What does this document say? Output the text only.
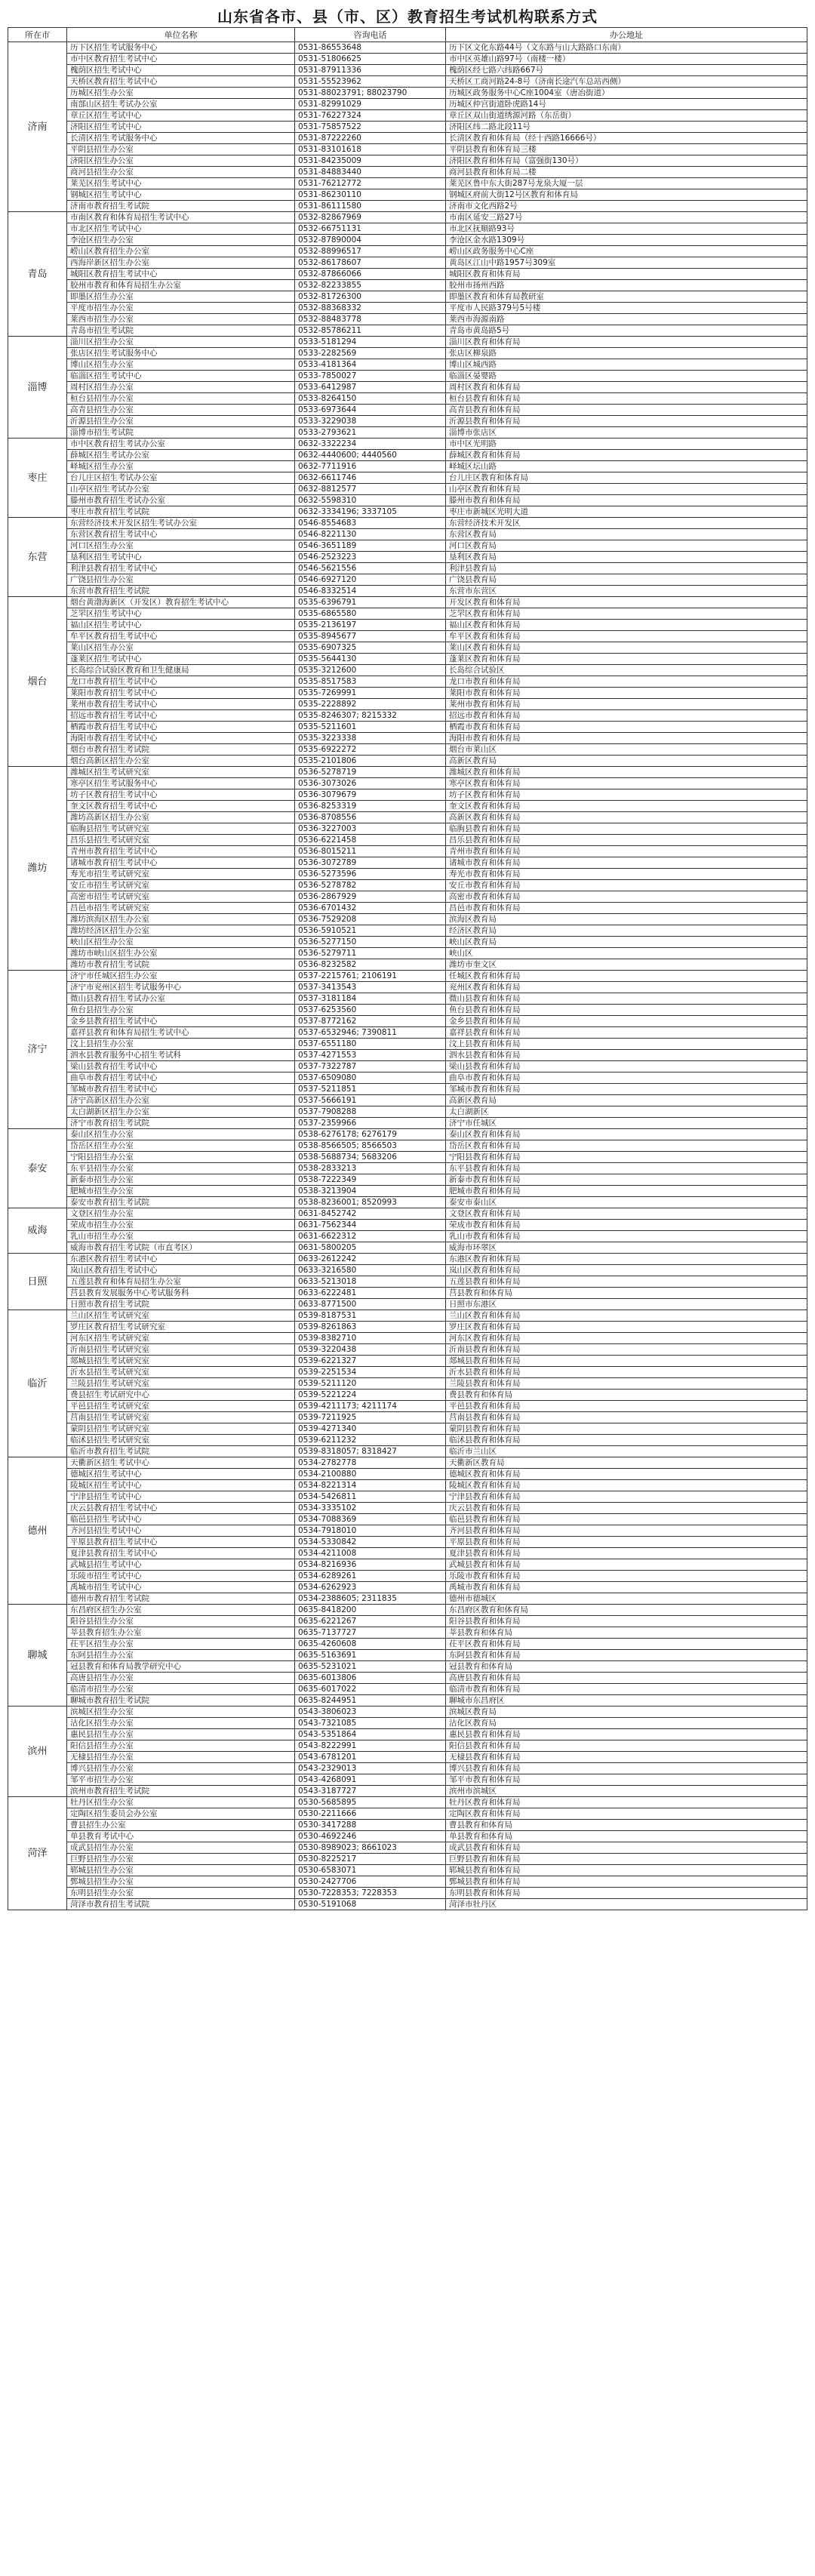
山东省各市、县（市、区）教育招生考试机构联系方式
所在市	单位名称	咨询电话	办公地址
济南	历下区招生考试服务中心	0531-86553648	历下区文化东路44号（文东路与山大路路口东南）
	市中区教育招生考试中心	0531-51806625	市中区英雄山路97号（南楼一楼）
	槐荫区招生考试中心	0531-87911336	槐荫区经七路六纬路667号
	天桥区教育招生考试中心	0531-55523962	天桥区工商河路24-8号（济南长途汽车总站西侧）
	历城区招生办公室	0531-88023791; 88023790	历城区政务服务中心C座1004室（唐冶街道）
	南部山区招生考试办公室	0531-82991029	历城区仲宫街道卧虎路14号
	章丘区招生考试中心	0531-76227324	章丘区双山街道绣源河路（东岳街）
	济阳区招生考试中心	0531-75857522	济阳区纬二路北段11号
	长清区招生考试服务中心	0531-87222260	长清区教育和体育局（经十西路16666号）
	平阴县招生办公室	0531-83101618	平阴县教育和体育局三楼
	济阳区招生办公室	0531-84235009	济阳区教育和体育局（富强街130号）
	商河县招生办公室	0531-84883440	商河县教育和体育局二楼
	莱芜区招生考试中心	0531-76212772	莱芜区鲁中东大街287号龙泉大厦一层
	钢城区招生考试中心	0531-86230110	钢城区府前大街12号区教育和体育局
	济南市教育招生考试院	0531-86111580	济南市文化西路2号
青岛	市南区教育和体育局招生考试中心	0532-82867969	市南区延安三路27号
	市北区招生考试中心	0532-66751131	市北区抚顺路93号
	李沧区招生办公室	0532-87890004	李沧区金水路1309号
	崂山区教育招生办公室	0532-88996517	崂山区政务服务中心C座
	西海岸新区招生办公室	0532-86178607	黄岛区江山中路1957号309室
	城阳区教育招生考试中心	0532-87866066	城阳区教育和体育局
	胶州市教育和体育局招生办公室	0532-82233855	胶州市扬州西路
	即墨区招生办公室	0532-81726300	即墨区教育和体育局教研室
	平度市招生办公室	0532-88368332	平度市人民路379号5号楼
	莱西市招生办公室	0532-88483778	莱西市海源南路
	青岛市招生考试院	0532-85786211	青岛市黄岛路5号
淄博	淄川区招生办公室	0533-5181294	淄川区教育和体育局
	张店区招生考试服务中心	0533-2282569	张店区柳泉路
	博山区招生办公室	0533-4181364	博山区城西路
	临淄区招生考试中心	0533-7850027	临淄区晏婴路
	周村区招生办公室	0533-6412987	周村区教育和体育局
	桓台县招生办公室	0533-8264150	桓台县教育和体育局
	高青县招生办公室	0533-6973644	高青县教育和体育局
	沂源县招生办公室	0533-3229038	沂源县教育和体育局
	淄博市招生考试院	0533-2793621	淄博市张店区
枣庄	市中区教育招生考试办公室	0632-3322234	市中区光明路
	薛城区招生考试办公室	0632-4440600; 4440560	薛城区教育和体育局
	峄城区招生办公室	0632-7711916	峄城区坛山路
	台儿庄区招生考试办公室	0632-6611746	台儿庄区教育和体育局
	山亭区招生考试办公室	0632-8812577	山亭区教育和体育局
	滕州市教育招生考试办公室	0632-5598310	滕州市教育和体育局
	枣庄市教育招生考试院	0632-3334196; 3337105	枣庄市新城区光明大道
东营	东营经济技术开发区招生考试办公室	0546-8554683	东营经济技术开发区
	东营区教育招生考试中心	0546-8221130	东营区教育局
	河口区招生办公室	0546-3651189	河口区教育局
	垦利区招生考试中心	0546-2523223	垦利区教育局
	利津县教育招生考试中心	0546-5621556	利津县教育局
	广饶县招生办公室	0546-6927120	广饶县教育局
	东营市教育招生考试院	0546-8332514	东营市东营区
烟台	烟台黄渤海新区（开发区）教育招生考试中心	0535-6396791	开发区教育和体育局
	芝罘区招生考试中心	0535-6865580	芝罘区教育和体育局
	福山区招生考试中心	0535-2136197	福山区教育和体育局
	牟平区教育招生考试中心	0535-8945677	牟平区教育和体育局
	莱山区招生办公室	0535-6907325	莱山区教育和体育局
	蓬莱区招生考试中心	0535-5644130	蓬莱区教育和体育局
	长岛综合试验区教育和卫生健康局	0535-3212600	长岛综合试验区
	龙口市教育招生考试中心	0535-8517583	龙口市教育和体育局
	莱阳市教育招生考试中心	0535-7269991	莱阳市教育和体育局
	莱州市教育招生考试中心	0535-2228892	莱州市教育和体育局
	招远市教育招生考试中心	0535-8246307; 8215332	招远市教育和体育局
	栖霞市教育招生考试中心	0535-5211601	栖霞市教育和体育局
	海阳市教育招生考试中心	0535-3223338	海阳市教育和体育局
	烟台市教育招生考试院	0535-6922272	烟台市莱山区
	烟台高新区招生办公室	0535-2101806	高新区教育局
潍坊	潍城区招生考试研究室	0536-5278719	潍城区教育和体育局
	寒亭区招生考试服务中心	0536-3073026	寒亭区教育和体育局
	坊子区教育招生考试中心	0536-3079679	坊子区教育和体育局
	奎文区教育招生考试中心	0536-8253319	奎文区教育和体育局
	潍坊高新区招生办公室	0536-8708556	高新区教育和体育局
	临朐县招生考试研究室	0536-3227003	临朐县教育和体育局
	昌乐县招生考试研究室	0536-6221458	昌乐县教育和体育局
	青州市教育招生考试中心	0536-8015211	青州市教育和体育局
	诸城市教育招生考试中心	0536-3072789	诸城市教育和体育局
	寿光市招生考试研究室	0536-5273596	寿光市教育和体育局
	安丘市招生考试研究室	0536-5278782	安丘市教育和体育局
	高密市招生考试研究室	0536-2867929	高密市教育和体育局
	昌邑市招生考试研究室	0536-6701432	昌邑市教育和体育局
	潍坊滨海区招生办公室	0536-7529208	滨海区教育局
	潍坊经济区招生办公室	0536-5910521	经济区教育局
	峡山区招生办公室	0536-5277150	峡山区教育局
	潍坊市峡山区招生办公室	0536-5279711	峡山区
	潍坊市教育招生考试院	0536-8232582	潍坊市奎文区
济宁	济宁市任城区招生办公室	0537-2215761; 2106191	任城区教育和体育局
	济宁市兖州区招生考试服务中心	0537-3413543	兖州区教育和体育局
	微山县教育招生考试办公室	0537-3181184	微山县教育和体育局
	鱼台县招生办公室	0537-6253560	鱼台县教育和体育局
	金乡县教育招生考试中心	0537-8772162	金乡县教育和体育局
	嘉祥县教育和体育局招生考试中心	0537-6532946; 7390811	嘉祥县教育和体育局
	汶上县招生办公室	0537-6551180	汶上县教育和体育局
	泗水县教育服务中心招生考试科	0537-4271553	泗水县教育和体育局
	梁山县教育招生考试中心	0537-7322787	梁山县教育和体育局
	曲阜市教育招生考试中心	0537-6509080	曲阜市教育和体育局
	邹城市教育招生考试中心	0537-5211851	邹城市教育和体育局
	济宁高新区招生办公室	0537-5666191	高新区教育局
	太白湖新区招生办公室	0537-7908288	太白湖新区
	济宁市教育招生考试院	0537-2359966	济宁市任城区
泰安	泰山区招生办公室	0538-6276178; 6276179	泰山区教育和体育局
	岱岳区招生办公室	0538-8566505; 8566503	岱岳区教育和体育局
	宁阳县招生办公室	0538-5688734; 5683206	宁阳县教育和体育局
	东平县招生办公室	0538-2833213	东平县教育和体育局
	新泰市招生办公室	0538-7222349	新泰市教育和体育局
	肥城市招生办公室	0538-3213904	肥城市教育和体育局
	泰安市教育招生考试院	0538-8236001; 8520993	泰安市泰山区
威海	文登区招生办公室	0631-8452742	文登区教育和体育局
	荣成市招生办公室	0631-7562344	荣成市教育和体育局
	乳山市招生办公室	0631-6622312	乳山市教育和体育局
	威海市教育招生考试院（市直考区）	0631-5800205	威海市环翠区
日照	东港区教育招生考试中心	0633-2612242	东港区教育和体育局
	岚山区教育招生考试中心	0633-3216580	岚山区教育和体育局
	五莲县教育和体育局招生办公室	0633-5213018	五莲县教育和体育局
	莒县教育发展服务中心考试服务科	0633-6222481	莒县教育和体育局
	日照市教育招生考试院	0633-8771500	日照市东港区
临沂	兰山区招生考试研究室	0539-8187531	兰山区教育和体育局
	罗庄区教育招生考试研究室	0539-8261863	罗庄区教育和体育局
	河东区招生考试研究室	0539-8382710	河东区教育和体育局
	沂南县招生考试研究室	0539-3220438	沂南县教育和体育局
	郯城县招生考试研究室	0539-6221327	郯城县教育和体育局
	沂水县招生考试研究室	0539-2251534	沂水县教育和体育局
	兰陵县招生考试研究室	0539-5211120	兰陵县教育和体育局
	费县招生考试研究中心	0539-5221224	费县教育和体育局
	平邑县招生考试研究室	0539-4211173; 4211174	平邑县教育和体育局
	莒南县招生考试研究室	0539-7211925	莒南县教育和体育局
	蒙阴县招生考试研究室	0539-4271340	蒙阴县教育和体育局
	临沭县招生考试研究室	0539-6211232	临沭县教育和体育局
	临沂市教育招生考试院	0539-8318057; 8318427	临沂市兰山区
德州	天衢新区招生考试中心	0534-2782778	天衢新区教育局
	德城区招生考试中心	0534-2100880	德城区教育和体育局
	陵城区招生考试中心	0534-8221314	陵城区教育和体育局
	宁津县招生考试中心	0534-5426811	宁津县教育和体育局
	庆云县教育招生考试中心	0534-3335102	庆云县教育和体育局
	临邑县招生考试中心	0534-7088369	临邑县教育和体育局
	齐河县招生考试中心	0534-7918010	齐河县教育和体育局
	平原县教育招生考试中心	0534-5330842	平原县教育和体育局
	夏津县教育招生考试中心	0534-4211008	夏津县教育和体育局
	武城县招生考试中心	0534-8216936	武城县教育和体育局
	乐陵市招生考试中心	0534-6289261	乐陵市教育和体育局
	禹城市招生考试中心	0534-6262923	禹城市教育和体育局
	德州市教育招生考试院	0534-2388605; 2311835	德州市德城区
聊城	东昌府区招生办公室	0635-8418200	东昌府区教育和体育局
	阳谷县招生办公室	0635-6221267	阳谷县教育和体育局
	莘县教育招生办公室	0635-7137727	莘县教育和体育局
	茌平区招生办公室	0635-4260608	茌平区教育和体育局
	东阿县招生办公室	0635-5163691	东阿县教育和体育局
	冠县教育和体育局教学研究中心	0635-5231021	冠县教育和体育局
	高唐县招生办公室	0635-6013806	高唐县教育和体育局
	临清市招生办公室	0635-6017022	临清市教育和体育局
	聊城市教育招生考试院	0635-8244951	聊城市东昌府区
滨州	滨城区招生办公室	0543-3806023	滨城区教育局
	沾化区招生办公室	0543-7321085	沾化区教育局
	惠民县招生办公室	0543-5351864	惠民县教育和体育局
	阳信县招生办公室	0543-8222991	阳信县教育和体育局
	无棣县招生办公室	0543-6781201	无棣县教育和体育局
	博兴县招生办公室	0543-2329013	博兴县教育和体育局
	邹平市招生办公室	0543-4268091	邹平市教育和体育局
	滨州市教育招生考试院	0543-3187727	滨州市滨城区
菏泽	牡丹区招生办公室	0530-5685895	牡丹区教育和体育局
	定陶区招生委员会办公室	0530-2211666	定陶区教育和体育局
	曹县招生办公室	0530-3417288	曹县教育和体育局
	单县教育考试中心	0530-4692246	单县教育和体育局
	成武县招生办公室	0530-8989023; 8661023	成武县教育和体育局
	巨野县招生办公室	0530-8225217	巨野县教育和体育局
	郓城县招生办公室	0530-6583071	郓城县教育和体育局
	鄄城县招生办公室	0530-2427706	鄄城县教育和体育局
	东明县招生办公室	0530-7228353; 7228353	东明县教育和体育局
	菏泽市教育招生考试院	0530-5191068	菏泽市牡丹区
